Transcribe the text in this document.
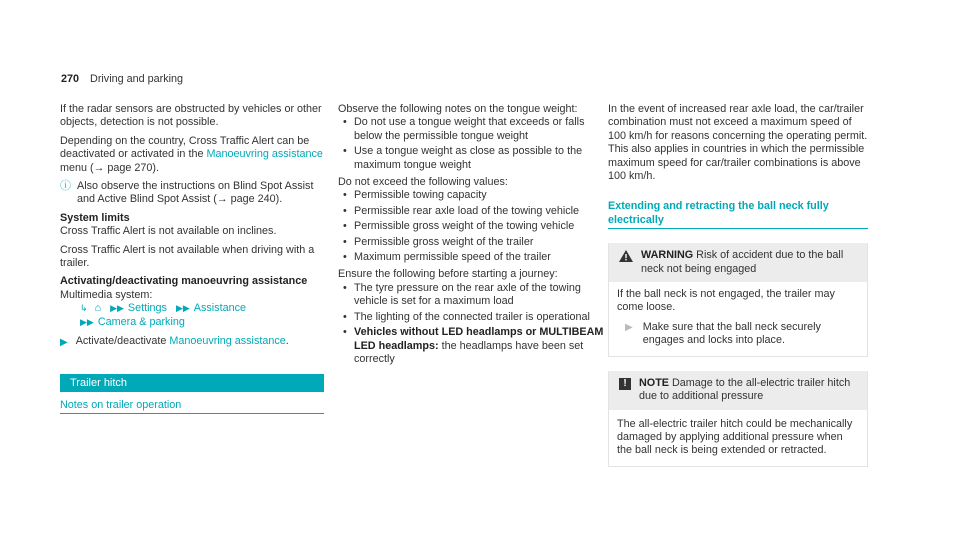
270 Driving and parking

If the radar sensors are obstructed by vehicles or other objects, detection is not possible.

Depending on the country, Cross Traffic Alert can be deactivated or activated in the Manoeuvring assistance menu (→ page 270).

ⓘ Also observe the instructions on Blind Spot Assist and Active Blind Spot Assist (→ page 240).
System limits

Cross Traffic Alert is not available on inclines.

Cross Traffic Alert is not available when driving with a trailer.

Activating/deactivating manoeuvring assistance
Multimedia system:
↳ ⌂ ▶▶ Settings ▶▶ Assistance
▶▶ Camera & parking
▶ Activate/deactivate Manoeuvring assistance.
Trailer hitch
Notes on trailer operation
Observe the following notes on the tongue weight:
• Do not use a tongue weight that exceeds or falls below the permissible tongue weight
• Use a tongue weight as close as possible to the maximum tongue weight
Do not exceed the following values:
• Permissible towing capacity
• Permissible rear axle load of the towing vehicle
• Permissible gross weight of the towing vehicle
• Permissible gross weight of the trailer
• Maximum permissible speed of the trailer
Ensure the following before starting a journey:
• The tyre pressure on the rear axle of the towing vehicle is set for a maximum load
• The lighting of the connected trailer is operational
• Vehicles without LED headlamps or MULTIBEAM LED headlamps: the headlamps have been set correctly
In the event of increased rear axle load, the car/trailer combination must not exceed a maximum speed of 100 km/h for reasons concerning the operating permit. This also applies in countries in which the permissible maximum speed for car/trailer combinations is above 100 km/h.
Extending and retracting the ball neck fully electrically
WARNING Risk of accident due to the ball neck not being engaged
If the ball neck is not engaged, the trailer may come loose.
▶ Make sure that the ball neck securely engages and locks into place.
!	NOTE Damage to the all-electric trailer hitch due to additional pressure
The all-electric trailer hitch could be mechanically damaged by applying additional pressure when the ball neck is being extended or retracted.
